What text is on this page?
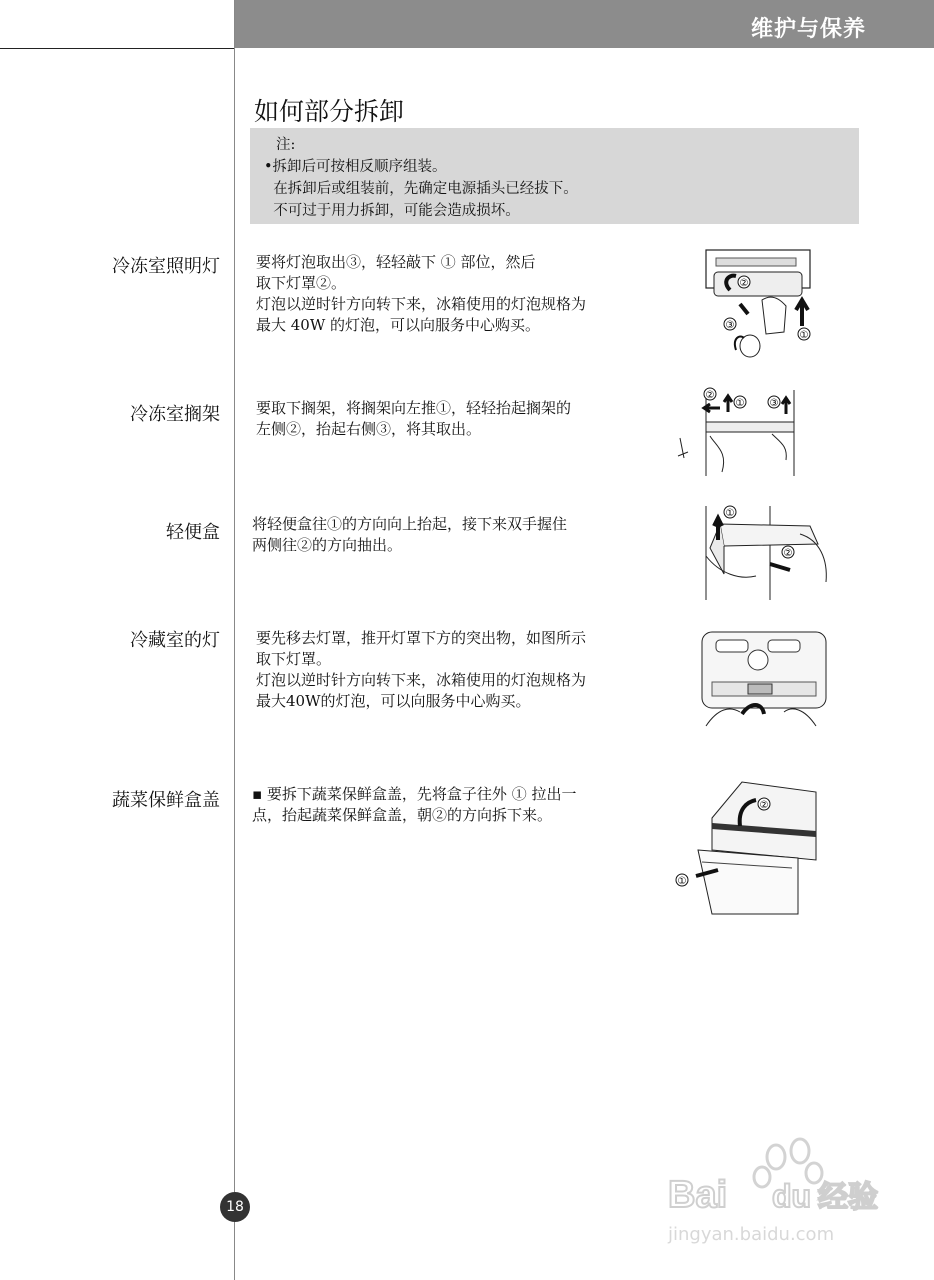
维护与保养
如何部分拆卸
注:
•拆卸后可按相反顺序组装。
在拆卸后或组装前，先确定电源插头已经拔下。
不可过于用力拆卸，可能会造成损坏。
冷冻室照明灯 要将灯泡取出③，轻轻敲下 ① 部位，然后
取下灯罩②。
灯泡以逆时针方向转下来，冰箱使用的灯泡规格为
最大 40W 的灯泡，可以向服务中心购买。
②
③
①
冷冻室搁架 要取下搁架，将搁架向左推①，轻轻抬起搁架的
左侧②，抬起右侧③，将其取出。
②
①	③
轻便盒 将轻便盒往①的方向向上抬起，接下来双手握住
两侧往②的方向抽出。
①
②
冷藏室的灯 要先移去灯罩，推开灯罩下方的突出物，如图所示
取下灯罩。
灯泡以逆时针方向转下来，冰箱使用的灯泡规格为
最大40W的灯泡，可以向服务中心购买。
蔬菜保鲜盒盖 ▪ 要拆下蔬菜保鲜盒盖，先将盒子往外 ① 拉出一
点，抬起蔬菜保鲜盒盖，朝②的方向拆下来。
②
①
18	Bai du 经验
jingyan.baidu.com
